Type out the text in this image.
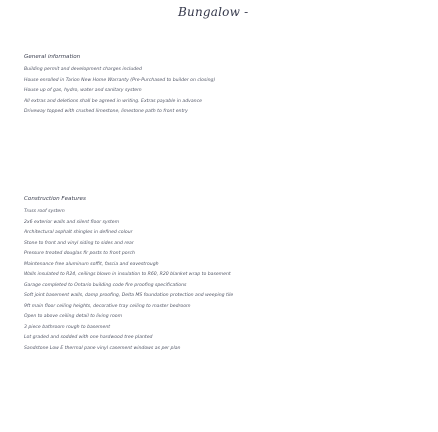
Bungalow -
General information
Building permit and development charges included
House enrolled in Tarion New Home Warranty (Pre-Purchased to builder on closing)
House up of gas, hydro, water and sanitary system
All extras and deletions shall be agreed in writing. Extras payable in advance
Driveway topped with crushed limestone, limestone path to front entry
Construction Features
Truss roof system
2x6 exterior walls and silent floor system
Architectural asphalt shingles in defined colour
Stone to front and vinyl siding to sides and rear
Pressure treated douglas fir posts to front porch
Maintenance free aluminum soffit, fascia and eavestrough
Walls insulated to R24, ceilings blown in insulation to R60, R20 blanket wrap to basement
Garage completed to Ontario building code fire proofing specifications
Soft joint basement walls, damp proofing, Delta MS foundation protection and weeping tile
9ft main floor ceiling heights, decorative tray ceiling to master bedroom
Open to above ceiling detail to living room
3 piece bathroom rough to basement
Lot graded and sodded with one hardwood tree planted
Sandstone Low E thermal pane vinyl casement windows as per plan
